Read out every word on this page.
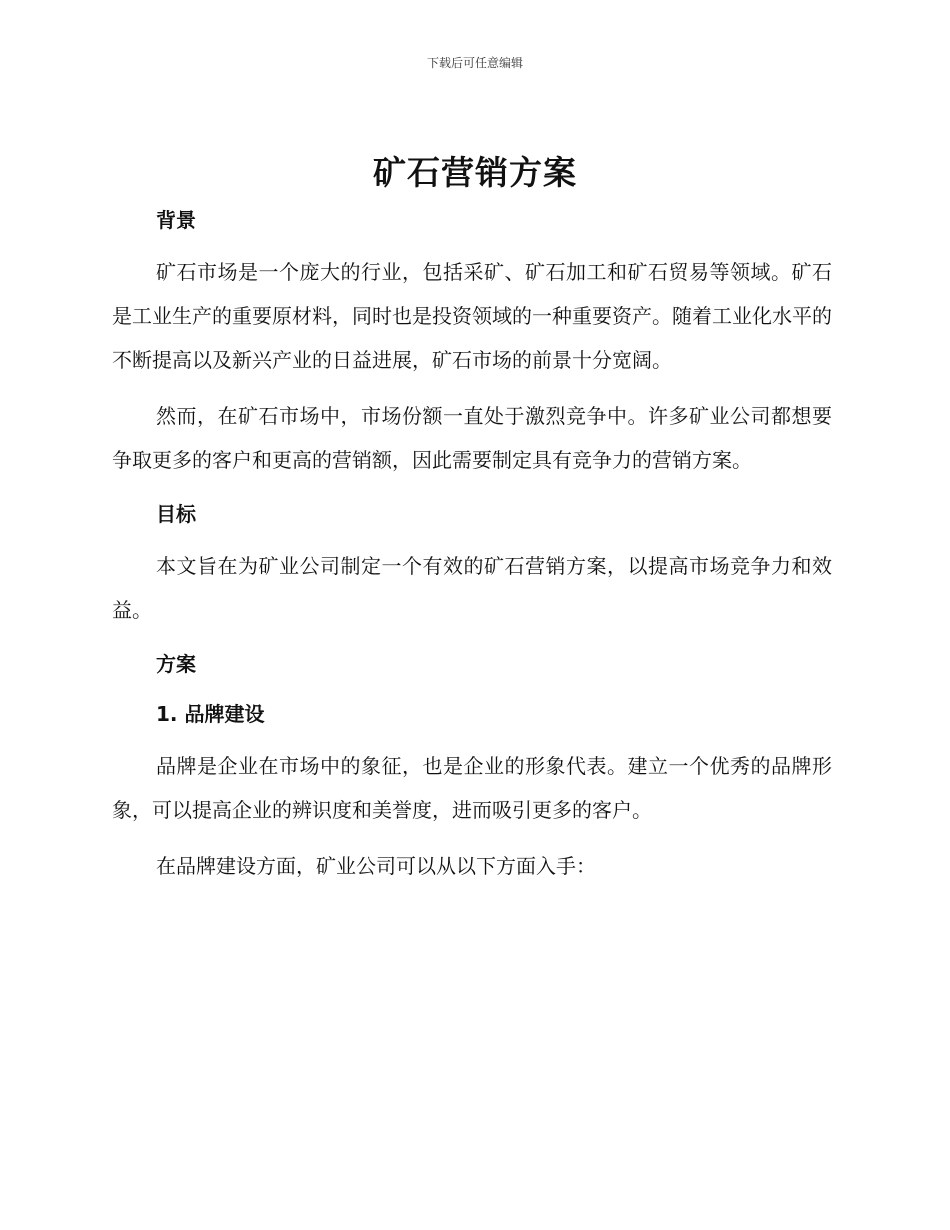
下载后可任意编辑
矿石营销方案
背景

矿石市场是一个庞大的行业，包括采矿、矿石加工和矿石贸易等领域。矿石是工业生产的重要原材料，同时也是投资领域的一种重要资产。随着工业化水平的不断提高以及新兴产业的日益进展，矿石市场的前景十分宽阔。

然而，在矿石市场中，市场份额一直处于激烈竞争中。许多矿业公司都想要争取更多的客户和更高的营销额，因此需要制定具有竞争力的营销方案。

目标

本文旨在为矿业公司制定一个有效的矿石营销方案，以提高市场竞争力和效益。

方案
1. 品牌建设

品牌是企业在市场中的象征，也是企业的形象代表。建立一个优秀的品牌形象，可以提高企业的辨识度和美誉度，进而吸引更多的客户。

在品牌建设方面，矿业公司可以从以下方面入手：
